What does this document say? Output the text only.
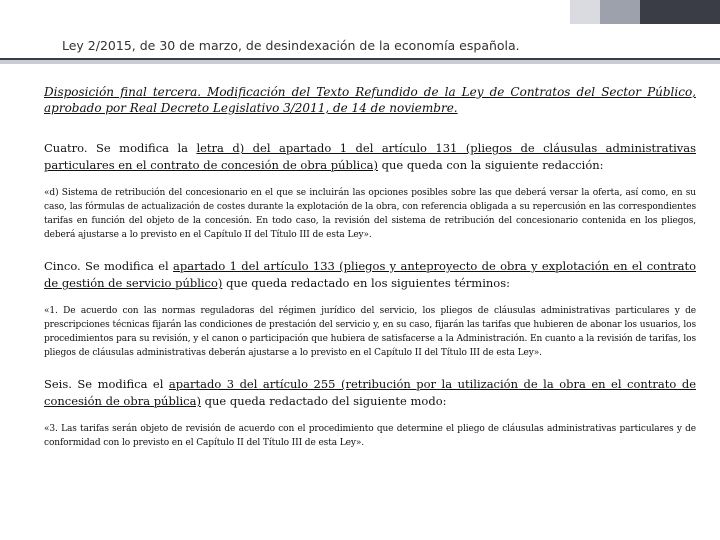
Ley 2/2015, de 30 de marzo, de desindexación de la economía española.

Disposición final tercera. Modificación del Texto Refundido de la Ley de Contratos del Sector Público, aprobado por Real Decreto Legislativo 3/2011, de 14 de noviembre.

Cuatro. Se modifica la letra d) del apartado 1 del artículo 131 (pliegos de cláusulas administrativas particulares en el contrato de concesión de obra pública) que queda con la siguiente redacción:

«d) Sistema de retribución del concesionario en el que se incluirán las opciones posibles sobre las que deberá versar la oferta, así como, en su caso, las fórmulas de actualización de costes durante la explotación de la obra, con referencia obligada a su repercusión en las correspondientes tarifas en función del objeto de la concesión. En todo caso, la revisión del sistema de retribución del concesionario contenida en los pliegos, deberá ajustarse a lo previsto en el Capítulo II del Título III de esta Ley».

Cinco. Se modifica el apartado 1 del artículo 133 (pliegos y anteproyecto de obra y explotación en el contrato de gestión de servicio público) que queda redactado en los siguientes términos:

«1. De acuerdo con las normas reguladoras del régimen jurídico del servicio, los pliegos de cláusulas administrativas particulares y de prescripciones técnicas fijarán las condiciones de prestación del servicio y, en su caso, fijarán las tarifas que hubieren de abonar los usuarios, los procedimientos para su revisión, y el canon o participación que hubiera de satisfacerse a la Administración. En cuanto a la revisión de tarifas, los pliegos de cláusulas administrativas deberán ajustarse a lo previsto en el Capítulo II del Título III de esta Ley».

Seis. Se modifica el apartado 3 del artículo 255 (retribución por la utilización de la obra en el contrato de concesión de obra pública) que queda redactado del siguiente modo:

«3. Las tarifas serán objeto de revisión de acuerdo con el procedimiento que determine el pliego de cláusulas administrativas particulares y de conformidad con lo previsto en el Capítulo II del Título III de esta Ley».
